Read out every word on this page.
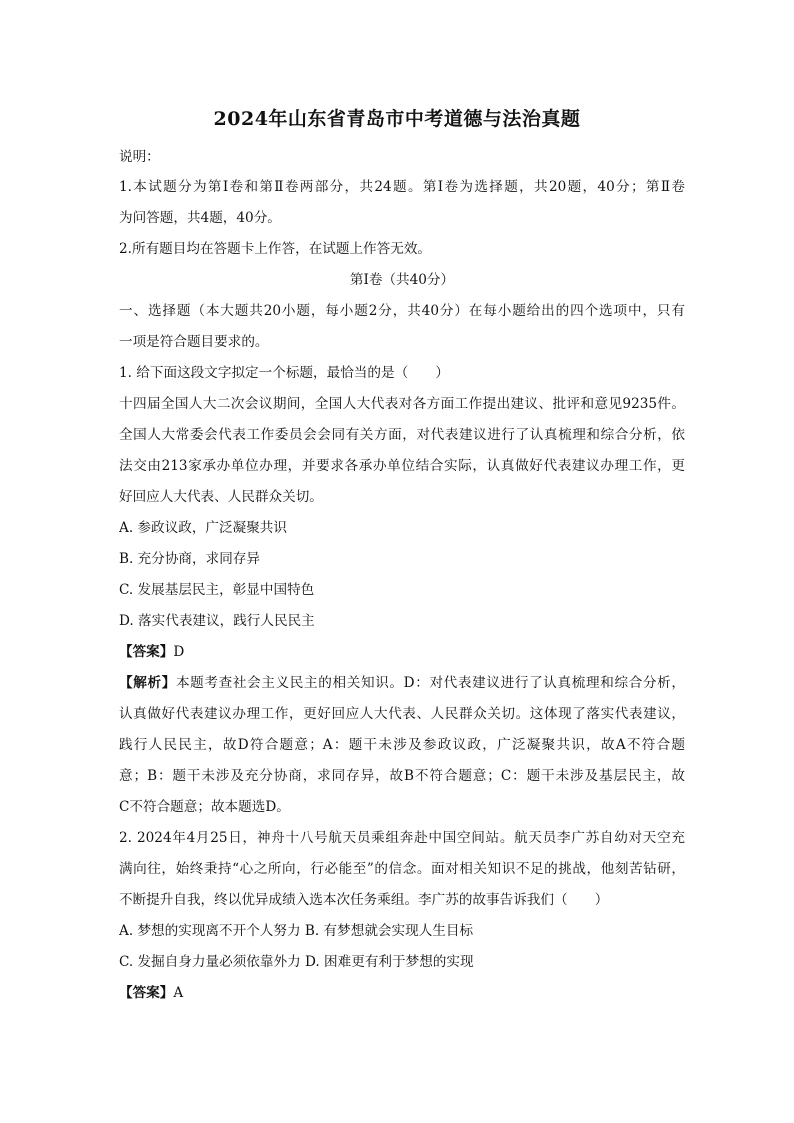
2024年山东省青岛市中考道德与法治真题
说明：
1.本试题分为第Ⅰ卷和第Ⅱ卷两部分，共24题。第Ⅰ卷为选择题，共20题，40分；第Ⅱ卷
为问答题，共4题，40分。
2.所有题目均在答题卡上作答，在试题上作答无效。
第Ⅰ卷（共40分）
一、选择题（本大题共20小题，每小题2分，共40分）在每小题给出的四个选项中，只有
一项是符合题目要求的。
1. 给下面这段文字拟定一个标题，最恰当的是（　　）
十四届全国人大二次会议期间，全国人大代表对各方面工作提出建议、批评和意见9235件。
全国人大常委会代表工作委员会会同有关方面，对代表建议进行了认真梳理和综合分析，依
法交由213家承办单位办理，并要求各承办单位结合实际，认真做好代表建议办理工作，更
好回应人大代表、人民群众关切。
A. 参政议政，广泛凝聚共识
B. 充分协商，求同存异
C. 发展基层民主，彰显中国特色
D. 落实代表建议，践行人民民主
【答案】D
【解析】本题考查社会主义民主的相关知识。D：对代表建议进行了认真梳理和综合分析，
认真做好代表建议办理工作，更好回应人大代表、人民群众关切。这体现了落实代表建议，
践行人民民主，故D符合题意；A：题干未涉及参政议政，广泛凝聚共识，故A不符合题
意；B：题干未涉及充分协商，求同存异，故B不符合题意；C：题干未涉及基层民主，故
C不符合题意；故本题选D。
2. 2024年4月25日，神舟十八号航天员乘组奔赴中国空间站。航天员李广苏自幼对天空充
满向往，始终秉持“心之所向，行必能至”的信念。面对相关知识不足的挑战，他刻苦钻研，
不断提升自我，终以优异成绩入选本次任务乘组。李广苏的故事告诉我们（　　）
A. 梦想的实现离不开个人努力 B. 有梦想就会实现人生目标
C. 发掘自身力量必须依靠外力 D. 困难更有利于梦想的实现
【答案】A
